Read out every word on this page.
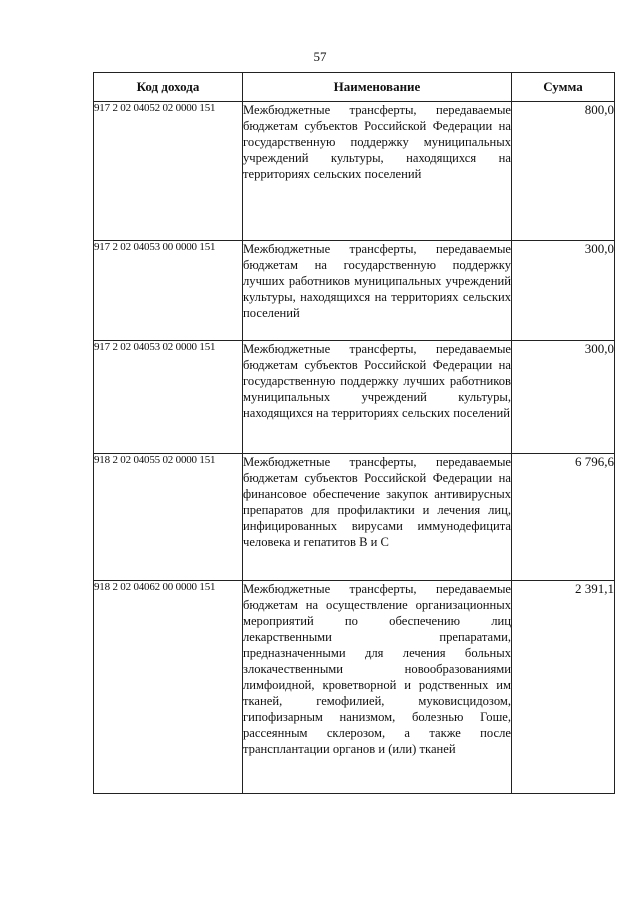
57
Код дохода	Наименование	Сумма
917 2 02 04052 02 0000 151	Межбюджетные трансферты, передаваемые бюджетам субъектов Российской Федерации на государственную поддержку муниципальных учреждений культуры, находящихся на территориях сельских поселений	800,0
917 2 02 04053 00 0000 151	Межбюджетные трансферты, передаваемые бюджетам на государственную поддержку лучших работников муниципальных учреждений культуры, находящихся на территориях сельских поселений	300,0
917 2 02 04053 02 0000 151	Межбюджетные трансферты, передаваемые бюджетам субъектов Российской Федерации на государственную поддержку лучших работников муниципальных учреждений культуры, находящихся на территориях сельских поселений	300,0
918 2 02 04055 02 0000 151	Межбюджетные трансферты, передаваемые бюджетам субъектов Российской Федерации на финансовое обеспечение закупок антивирусных препаратов для профилактики и лечения лиц, инфицированных вирусами иммунодефицита человека и гепатитов В и С	6 796,6
918 2 02 04062 00 0000 151	Межбюджетные трансферты, передаваемые бюджетам на осуществление организационных мероприятий по обеспечению лиц лекарственными препаратами, предназначенными для лечения больных злокачественными новообразованиями лимфоидной, кроветворной и родственных им тканей, гемофилией, муковисцидозом, гипофизарным нанизмом, болезнью Гоше, рассеянным склерозом, а также после трансплантации органов и (или) тканей	2 391,1
